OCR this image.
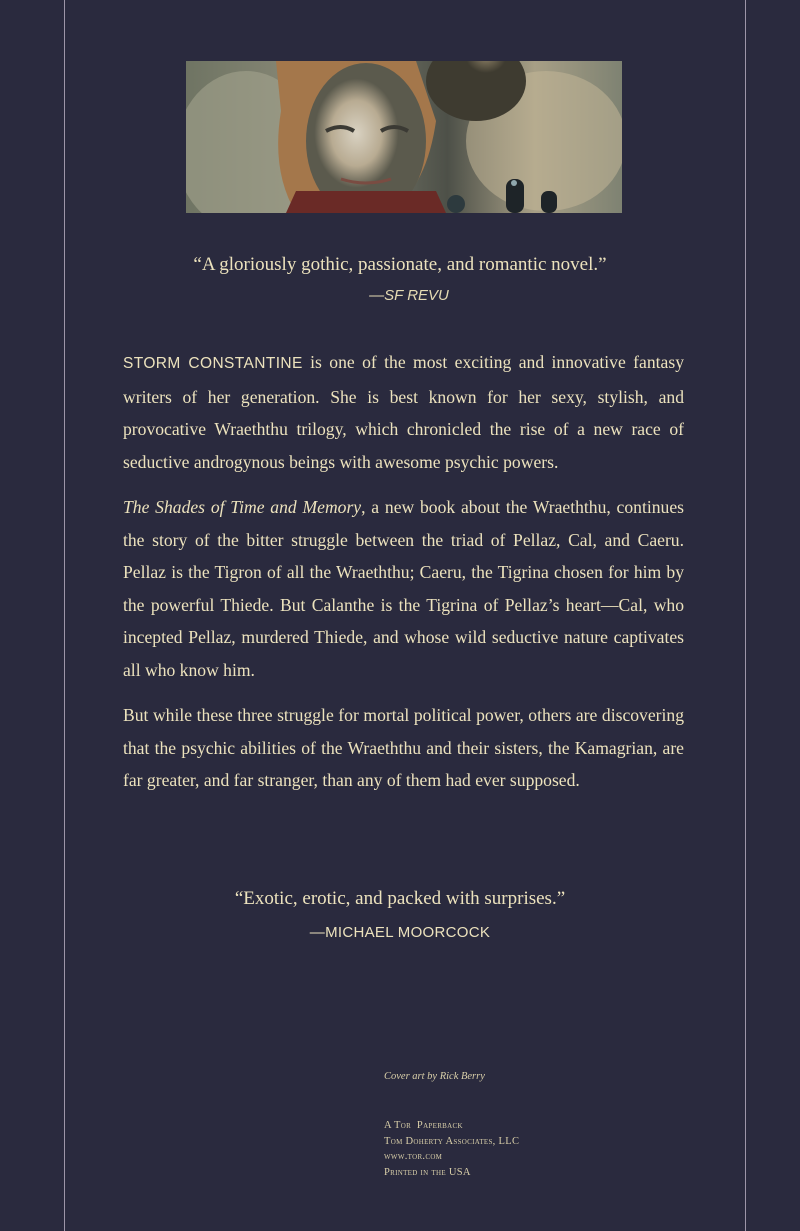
“A gloriously gothic, passionate, and romantic novel.”
—SF REVU

STORM CONSTANTINE is one of the most exciting and innovative fantasy writers of her generation. She is best known for her sexy, stylish, and provocative Wraeththu trilogy, which chronicled the rise of a new race of seductive androgynous beings with awesome psychic powers.

The Shades of Time and Memory, a new book about the Wraeththu, continues the story of the bitter struggle between the triad of Pellaz, Cal, and Caeru. Pellaz is the Tigron of all the Wraeththu; Caeru, the Tigrina chosen for him by the powerful Thiede. But Calanthe is the Tigrina of Pellaz’s heart—Cal, who incepted Pellaz, murdered Thiede, and whose wild seductive nature captivates all who know him.

But while these three struggle for mortal political power, others are discovering that the psychic abilities of the Wraeththu and their sisters, the Kamagrian, are far greater, and far stranger, than any of them had ever supposed.

“Exotic, erotic, and packed with surprises.”
—MICHAEL MOORCOCK
Cover art by Rick Berry
A Tor  Paperback
Tom Doherty Associates, LLC
www.tor.com
Printed in the USA
